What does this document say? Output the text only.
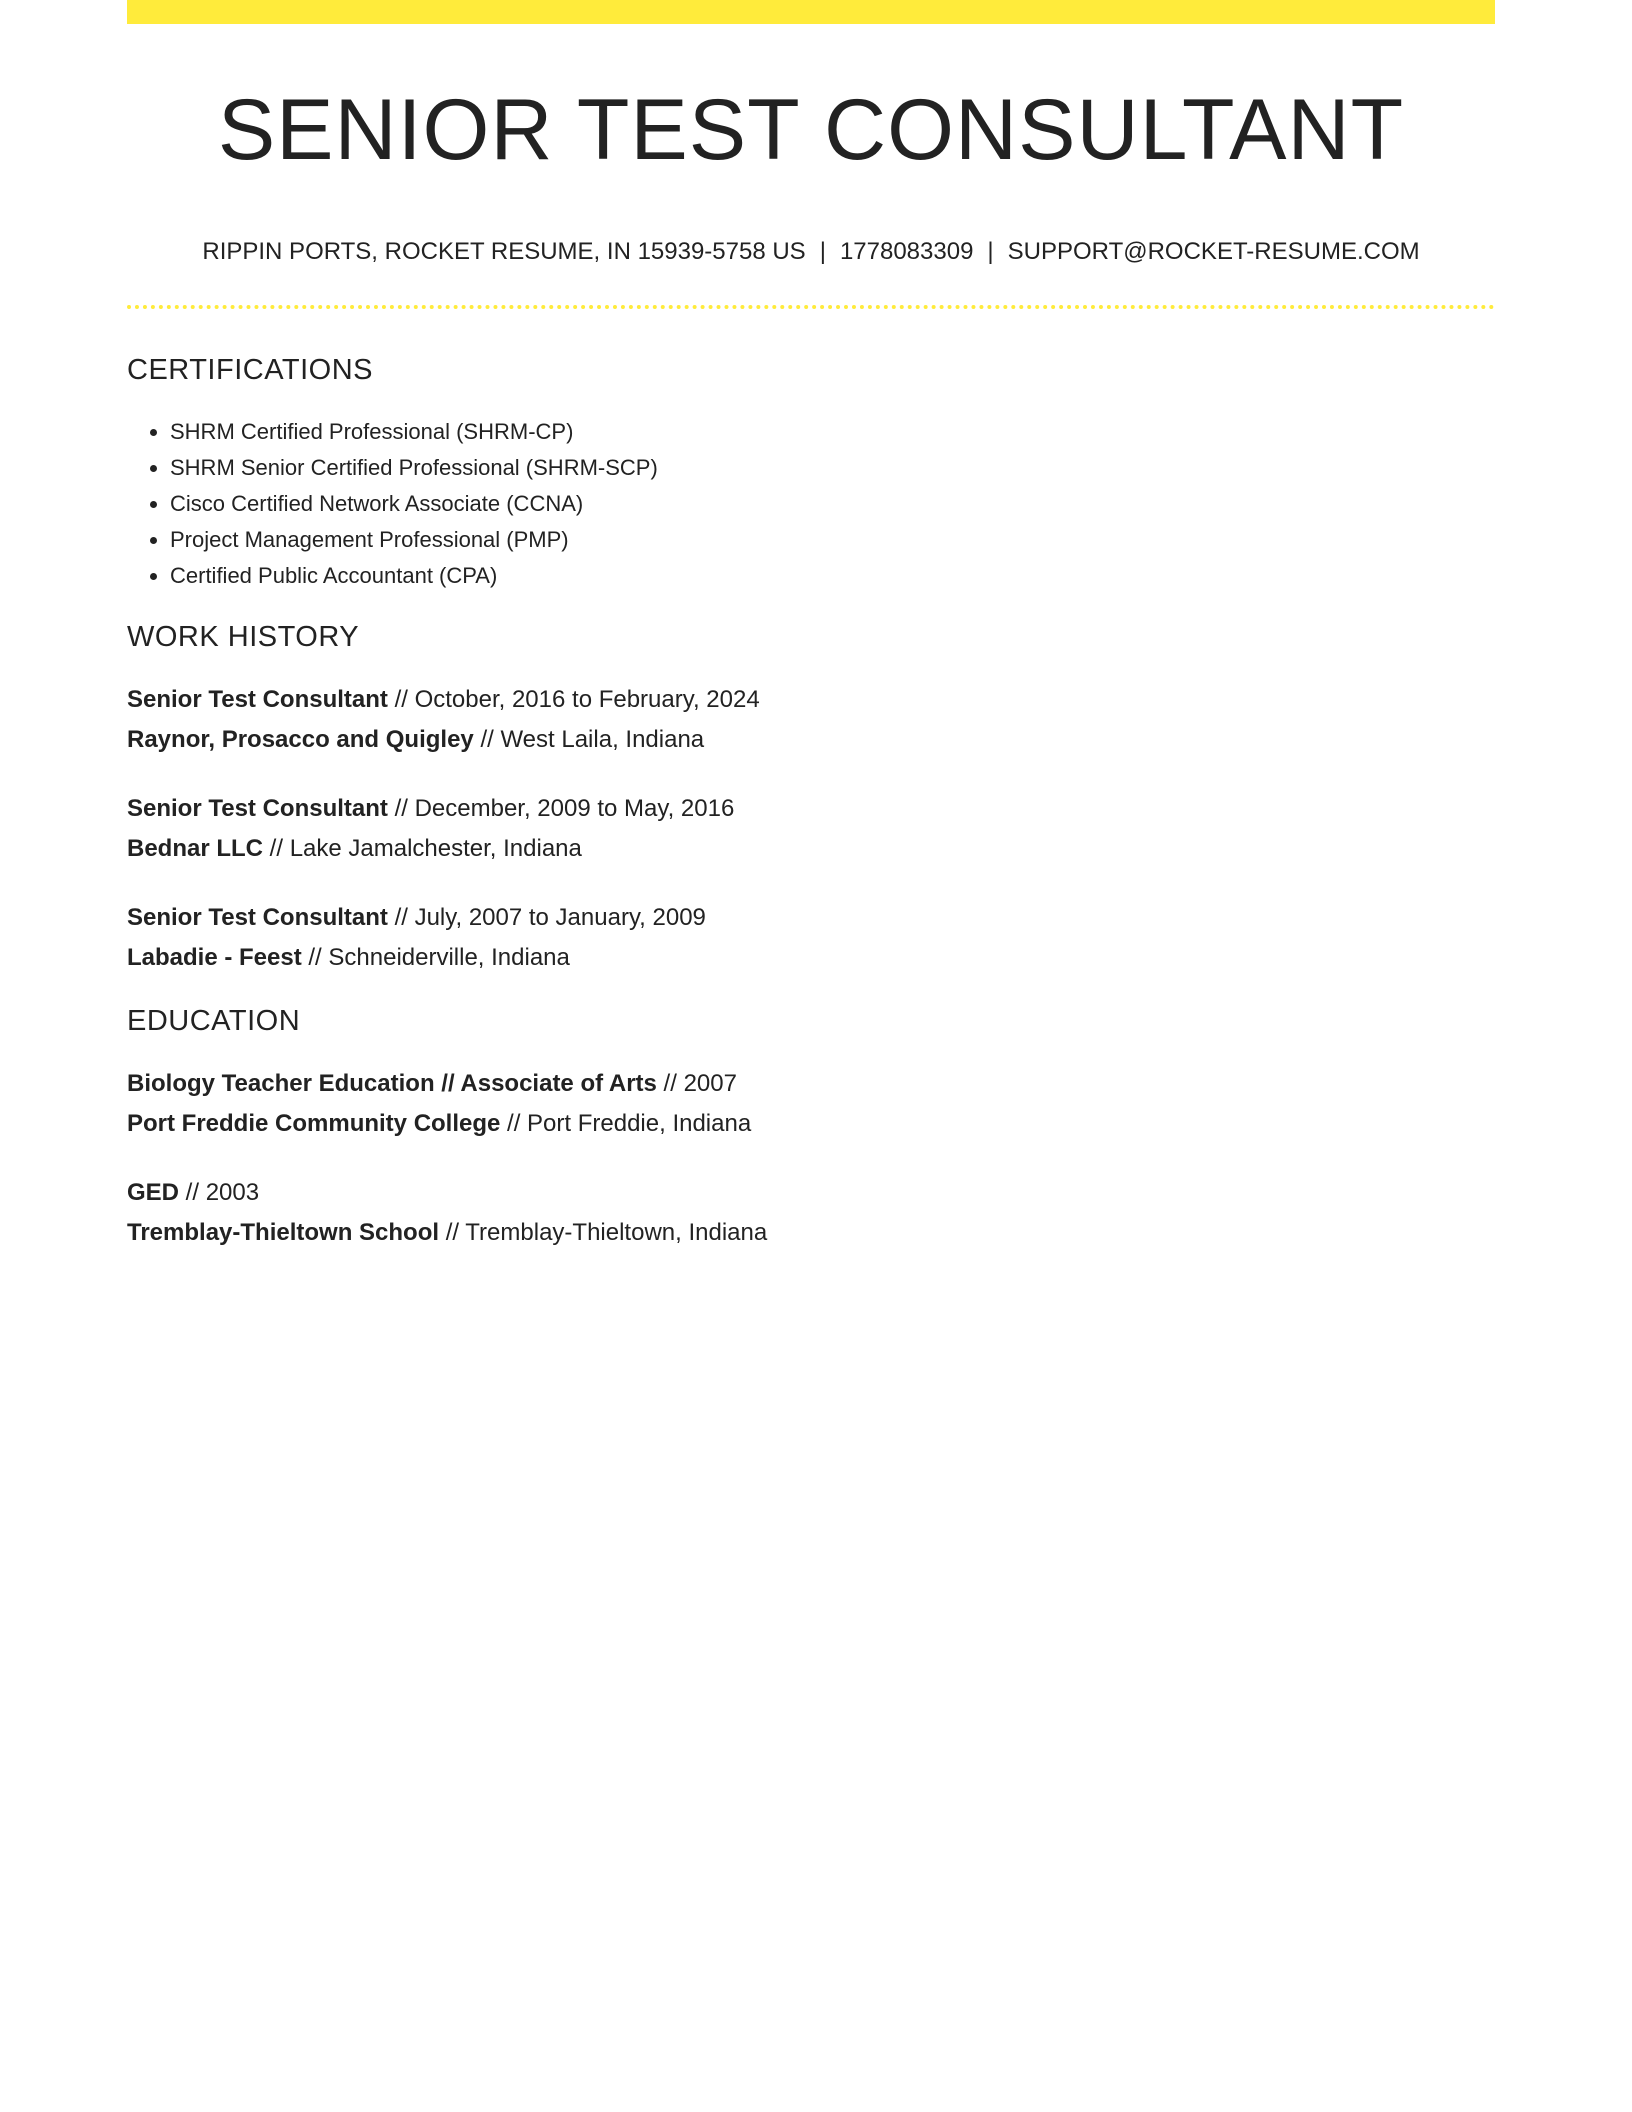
SENIOR TEST CONSULTANT
RIPPIN PORTS, ROCKET RESUME, IN 15939-5758 US | 1778083309 | SUPPORT@ROCKET-RESUME.COM
CERTIFICATIONS
• SHRM Certified Professional (SHRM-CP)
• SHRM Senior Certified Professional (SHRM-SCP)
• Cisco Certified Network Associate (CCNA)
• Project Management Professional (PMP)
• Certified Public Accountant (CPA)
WORK HISTORY
Senior Test Consultant // October, 2016 to February, 2024
Raynor, Prosacco and Quigley // West Laila, Indiana
Senior Test Consultant // December, 2009 to May, 2016
Bednar LLC // Lake Jamalchester, Indiana
Senior Test Consultant // July, 2007 to January, 2009
Labadie - Feest // Schneiderville, Indiana
EDUCATION
Biology Teacher Education // Associate of Arts // 2007
Port Freddie Community College // Port Freddie, Indiana
GED // 2003
Tremblay-Thieltown School // Tremblay-Thieltown, Indiana
